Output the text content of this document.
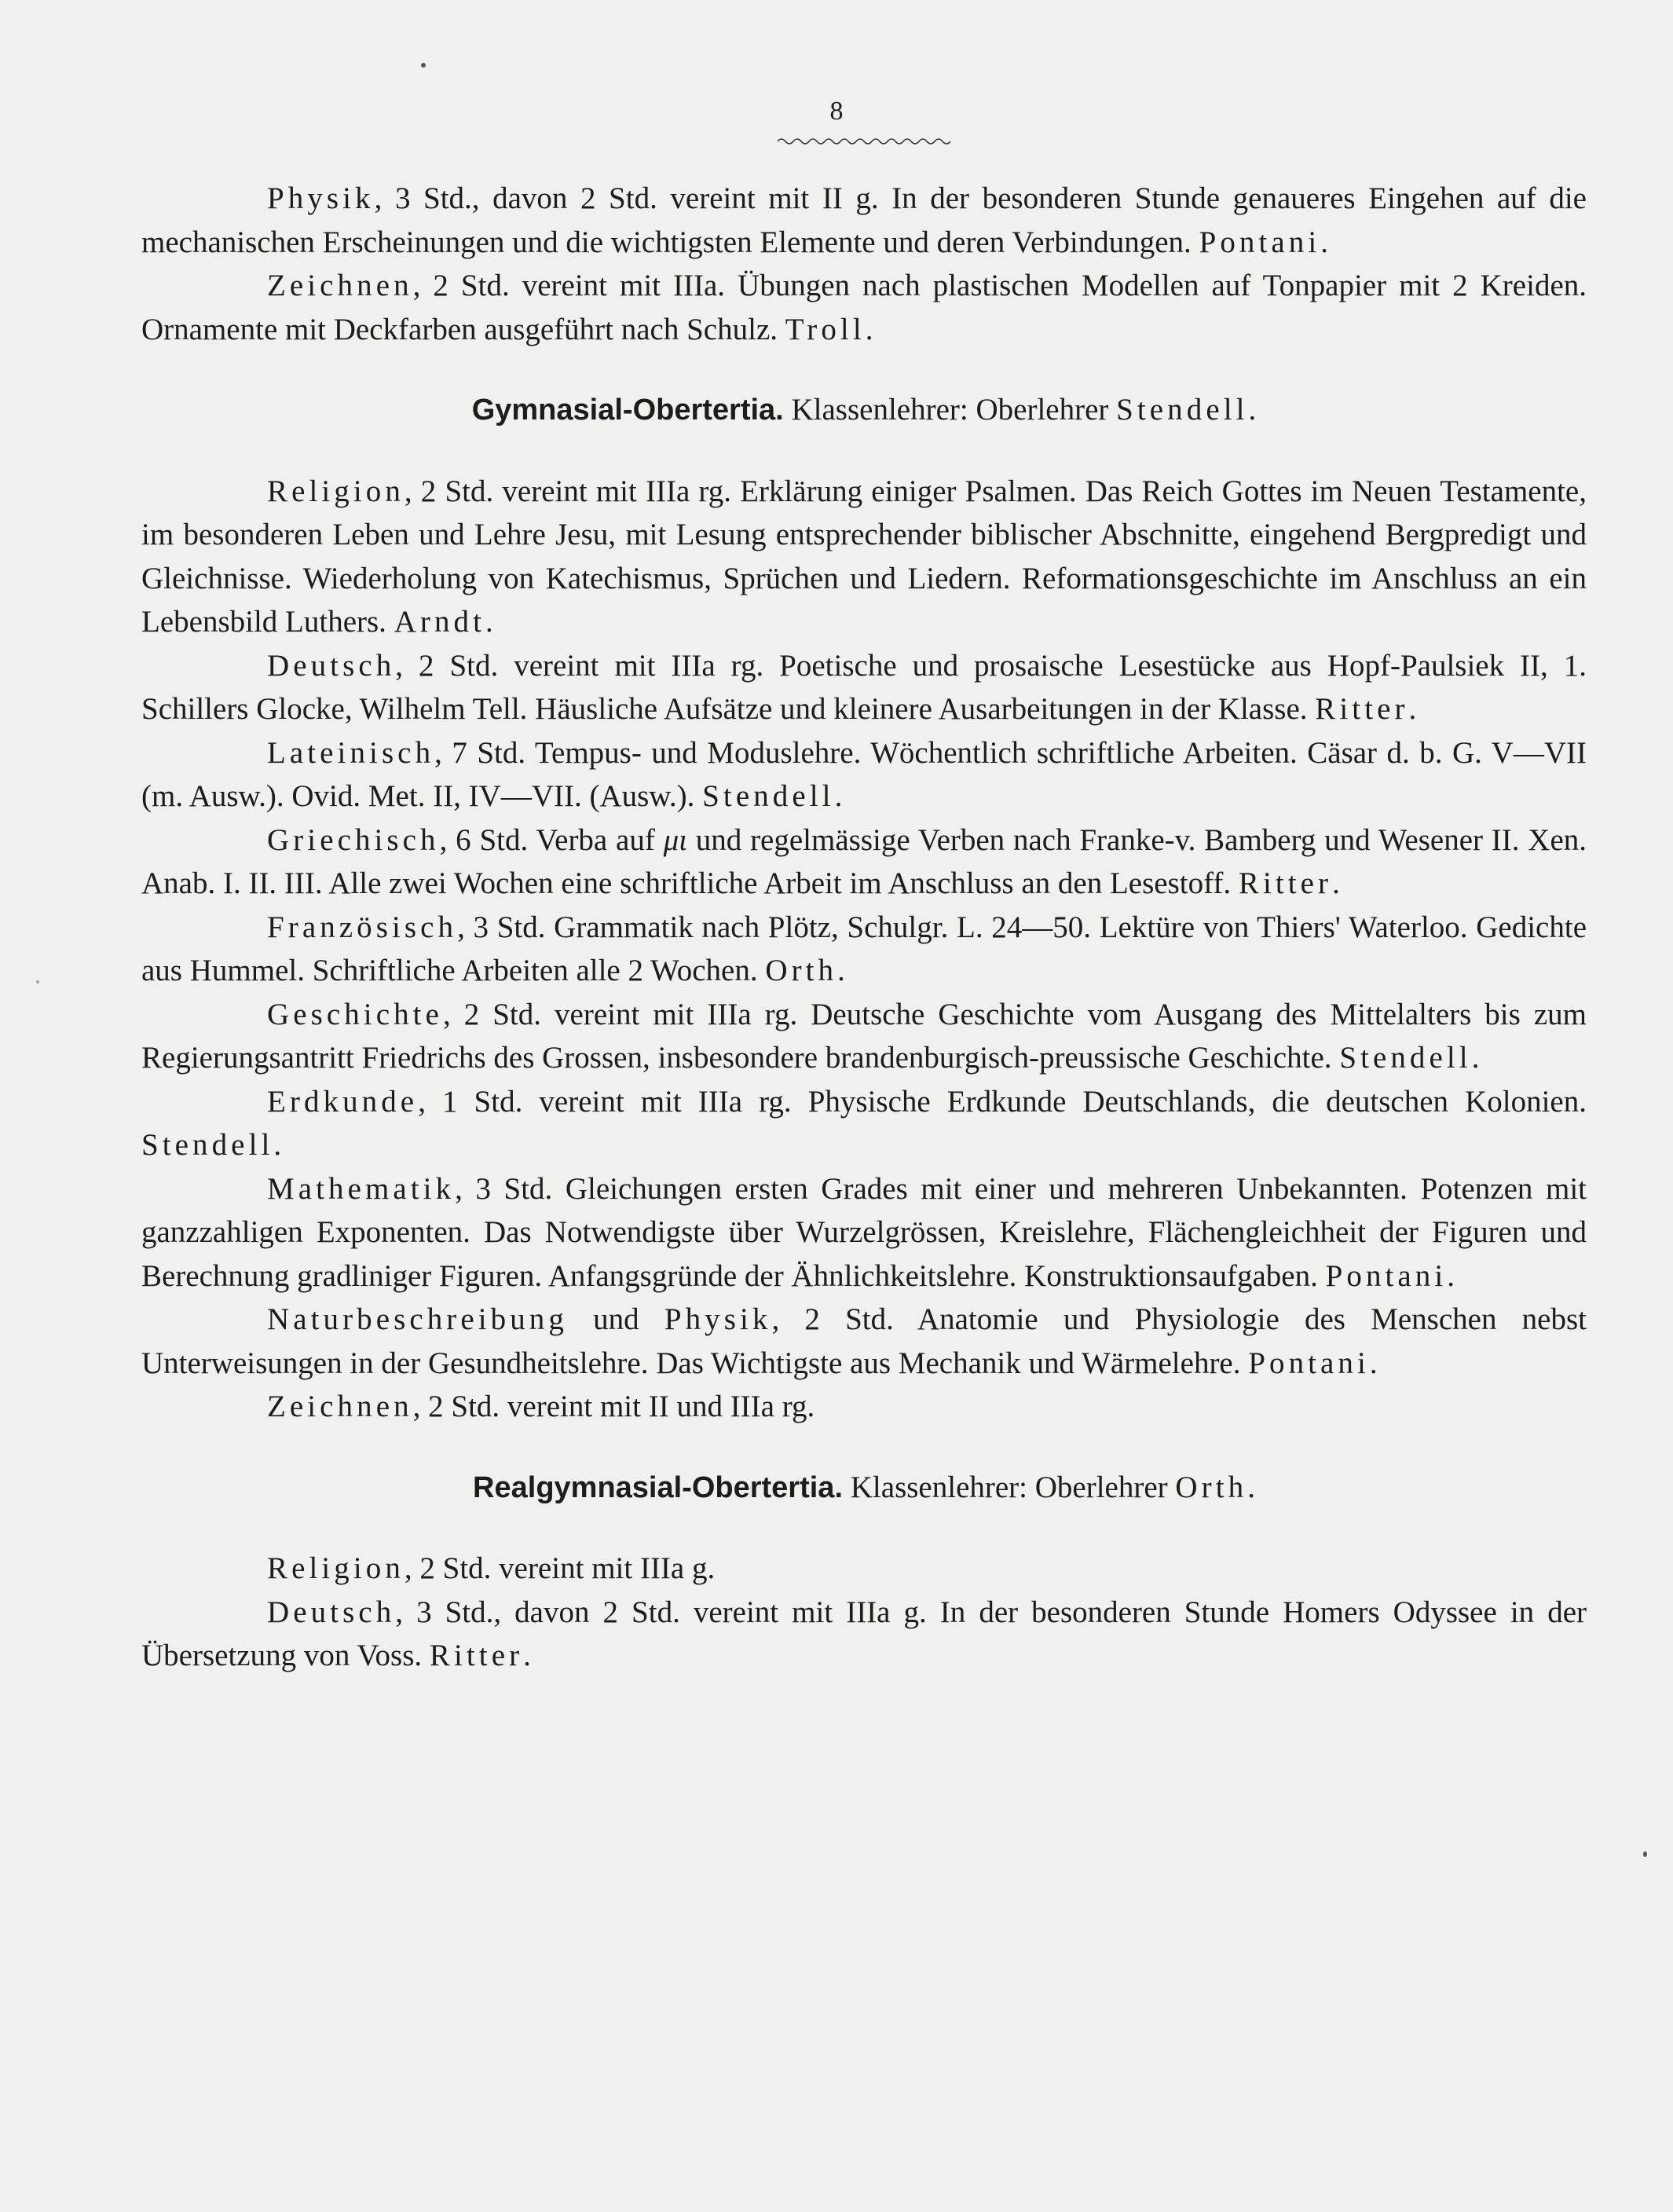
8

Physik, 3 Std., davon 2 Std. vereint mit II g. In der besonderen Stunde genaueres Eingehen auf die mechanischen Erscheinungen und die wichtigsten Elemente und deren Verbindungen. Pontani.

Zeichnen, 2 Std. vereint mit IIIa. Übungen nach plastischen Modellen auf Tonpapier mit 2 Kreiden. Ornamente mit Deckfarben ausgeführt nach Schulz. Troll.

Gymnasial-Obertertia. Klassenlehrer: Oberlehrer Stendell.

Religion, 2 Std. vereint mit IIIa rg. Erklärung einiger Psalmen. Das Reich Gottes im Neuen Testamente, im besonderen Leben und Lehre Jesu, mit Lesung entsprechender biblischer Abschnitte, eingehend Bergpredigt und Gleichnisse. Wiederholung von Katechismus, Sprüchen und Liedern. Reformationsgeschichte im Anschluss an ein Lebensbild Luthers. Arndt.

Deutsch, 2 Std. vereint mit IIIa rg. Poetische und prosaische Lesestücke aus Hopf-Paulsiek II, 1. Schillers Glocke, Wilhelm Tell. Häusliche Aufsätze und kleinere Ausarbeitungen in der Klasse. Ritter.

Lateinisch, 7 Std. Tempus- und Moduslehre. Wöchentlich schriftliche Arbeiten. Cäsar d. b. G. V—VII (m. Ausw.). Ovid. Met. II, IV—VII. (Ausw.). Stendell.

Griechisch, 6 Std. Verba auf μι und regelmässige Verben nach Franke-v. Bamberg und Wesener II. Xen. Anab. I. II. III. Alle zwei Wochen eine schriftliche Arbeit im Anschluss an den Lesestoff. Ritter.

Französisch, 3 Std. Grammatik nach Plötz, Schulgr. L. 24—50. Lektüre von Thiers' Waterloo. Gedichte aus Hummel. Schriftliche Arbeiten alle 2 Wochen. Orth.

Geschichte, 2 Std. vereint mit IIIa rg. Deutsche Geschichte vom Ausgang des Mittelalters bis zum Regierungsantritt Friedrichs des Grossen, insbesondere brandenburgisch-preussische Geschichte. Stendell.

Erdkunde, 1 Std. vereint mit IIIa rg. Physische Erdkunde Deutschlands, die deutschen Kolonien. Stendell.

Mathematik, 3 Std. Gleichungen ersten Grades mit einer und mehreren Unbekannten. Potenzen mit ganzzahligen Exponenten. Das Notwendigste über Wurzelgrössen, Kreislehre, Flächengleichheit der Figuren und Berechnung gradliniger Figuren. Anfangsgründe der Ähnlichkeitslehre. Konstruktionsaufgaben. Pontani.

Naturbeschreibung und Physik, 2 Std. Anatomie und Physiologie des Menschen nebst Unterweisungen in der Gesundheitslehre. Das Wichtigste aus Mechanik und Wärmelehre. Pontani.

Zeichnen, 2 Std. vereint mit II und IIIa rg.

Realgymnasial-Obertertia. Klassenlehrer: Oberlehrer Orth.

Religion, 2 Std. vereint mit IIIa g.

Deutsch, 3 Std., davon 2 Std. vereint mit IIIa g. In der besonderen Stunde Homers Odyssee in der Übersetzung von Voss. Ritter.
